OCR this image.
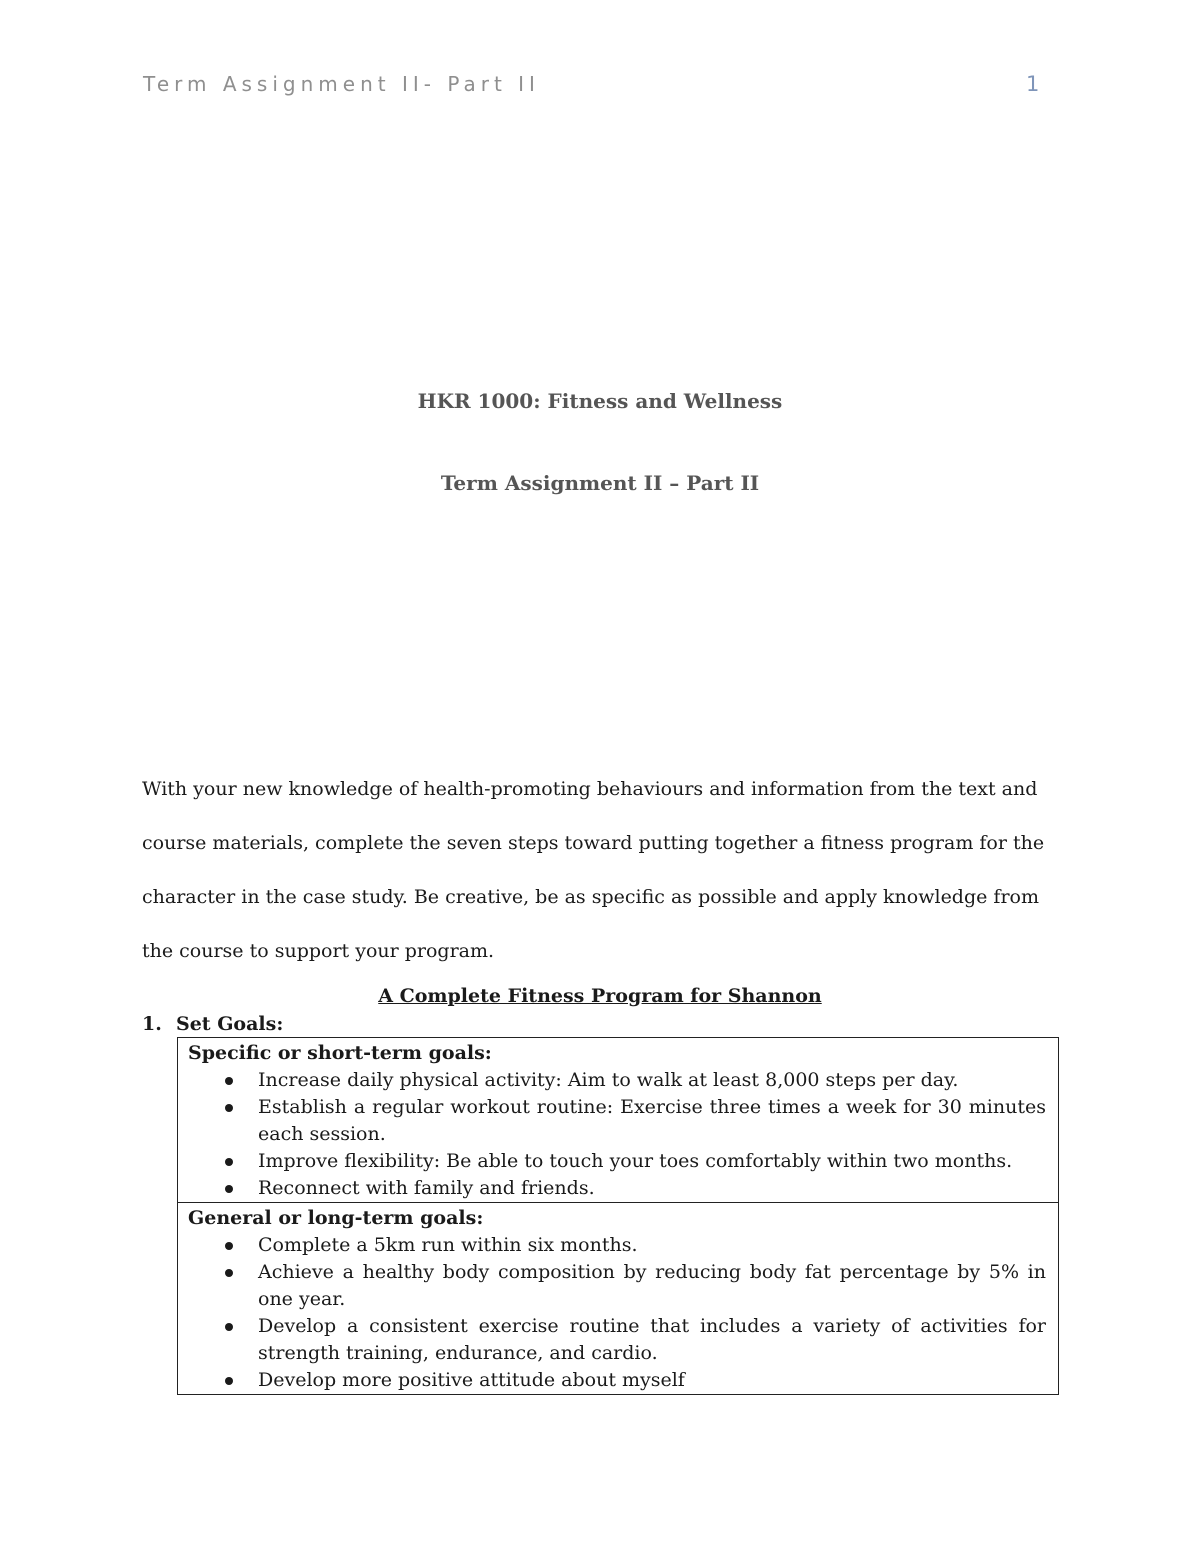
Term Assignment II- Part II	1
HKR 1000: Fitness and Wellness
Term Assignment II – Part II

With your new knowledge of health-promoting behaviours and information from the text and course materials, complete the seven steps toward putting together a fitness program for the character in the case study. Be creative, be as specific as possible and apply knowledge from the course to support your program.

A Complete Fitness Program for Shannon
1. Set Goals:
Specific or short-term goals:
Increase daily physical activity: Aim to walk at least 8,000 steps per day.
Establish a regular workout routine: Exercise three times a week for 30 minutes each session.
Improve flexibility: Be able to touch your toes comfortably within two months.
Reconnect with family and friends.
General or long-term goals:
Complete a 5km run within six months.
Achieve a healthy body composition by reducing body fat percentage by 5% in one year.
Develop a consistent exercise routine that includes a variety of activities for strength training, endurance, and cardio.
Develop more positive attitude about myself
